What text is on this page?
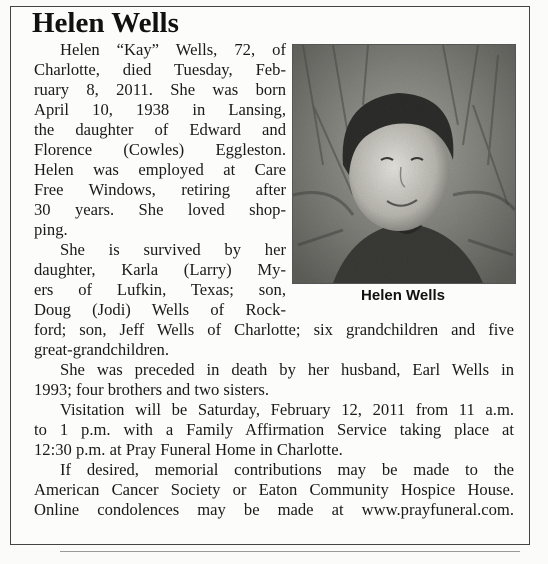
Helen Wells
Helen Wells
Helen “Kay” Wells, 72, of
Charlotte, died Tuesday, Feb-
ruary 8, 2011. She was born
April 10, 1938 in Lansing,
the daughter of Edward and
Florence (Cowles) Eggleston.
Helen was employed at Care
Free Windows, retiring after
30 years. She loved shop-
ping.
She is survived by her
daughter, Karla (Larry) My-
ers of Lufkin, Texas; son,
Doug (Jodi) Wells of Rock-
ford; son, Jeff Wells of Charlotte; six grandchildren and five
great-grandchildren.
She was preceded in death by her husband, Earl Wells in
1993; four brothers and two sisters.
Visitation will be Saturday, February 12, 2011 from 11 a.m.
to 1 p.m. with a Family Affirmation Service taking place at
12:30 p.m. at Pray Funeral Home in Charlotte.
If desired, memorial contributions may be made to the
American Cancer Society or Eaton Community Hospice House.
Online condolences may be made at www.prayfuneral.com.
